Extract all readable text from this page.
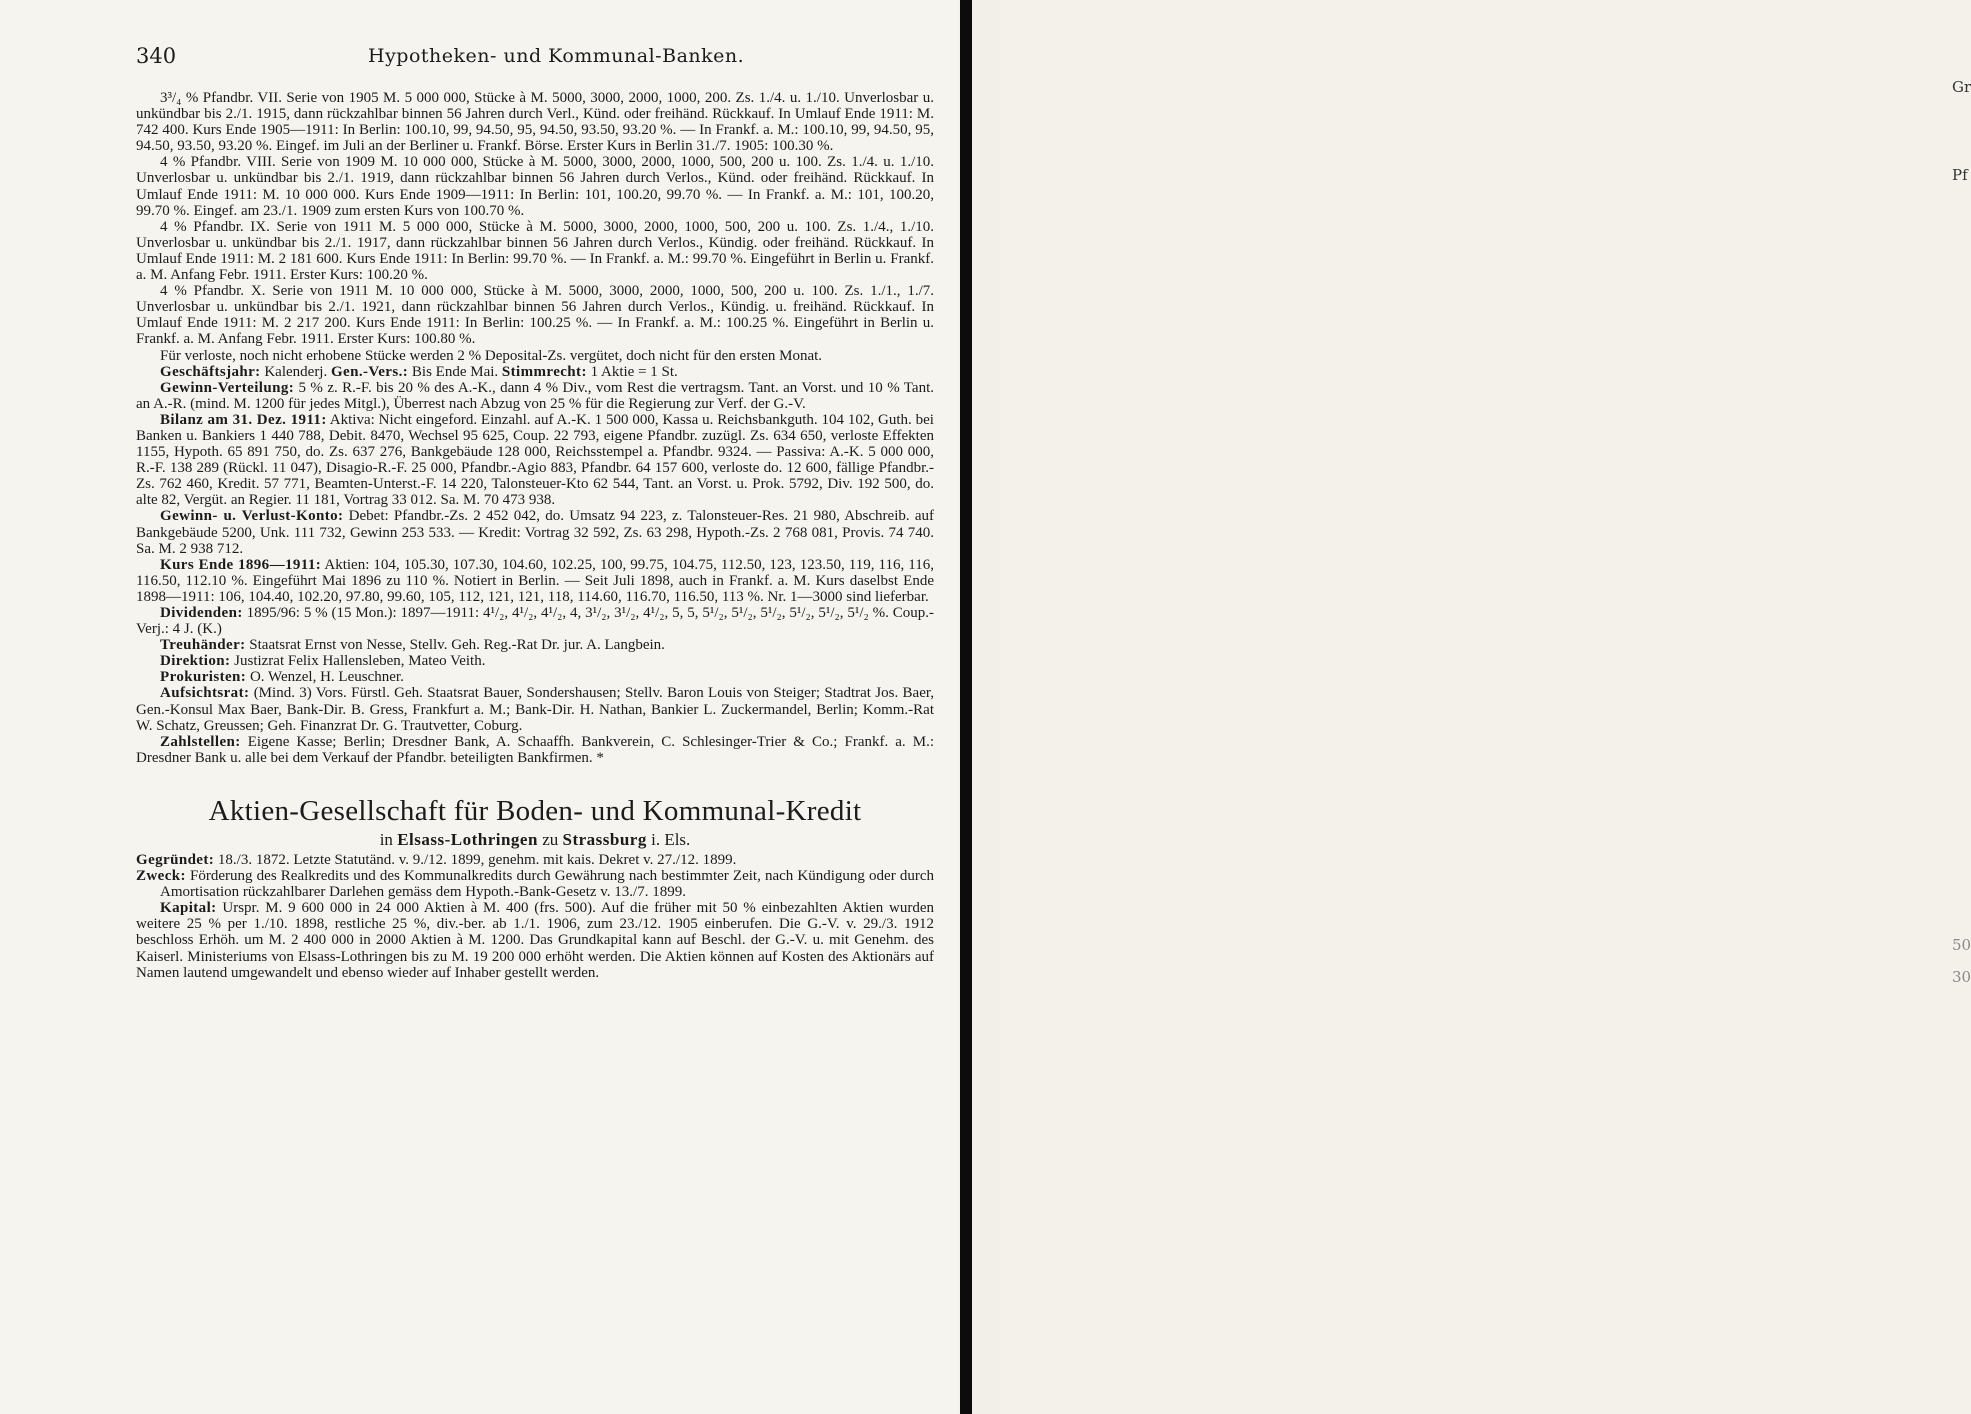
340	Hypotheken- und Kommunal-Banken.

3³/₄ % Pfandbr. VII. Serie von 1905 M. 5 000 000, Stücke à M. 5000, 3000, 2000, 1000, 200. Zs. 1./4. u. 1./10. Unverlosbar u. unkündbar bis 2./1. 1915, dann rückzahlbar binnen 56 Jahren durch Verl., Künd. oder freihänd. Rückkauf. In Umlauf Ende 1911: M. 742 400. Kurs Ende 1905—1911: In Berlin: 100.10, 99, 94.50, 95, 94.50, 93.50, 93.20 %. — In Frankf. a. M.: 100.10, 99, 94.50, 95, 94.50, 93.50, 93.20 %. Eingef. im Juli an der Berliner u. Frankf. Börse. Erster Kurs in Berlin 31./7. 1905: 100.30 %.

4 % Pfandbr. VIII. Serie von 1909 M. 10 000 000, Stücke à M. 5000, 3000, 2000, 1000, 500, 200 u. 100. Zs. 1./4. u. 1./10. Unverlosbar u. unkündbar bis 2./1. 1919, dann rückzahlbar binnen 56 Jahren durch Verlos., Künd. oder freihänd. Rückkauf. In Umlauf Ende 1911: M. 10 000 000. Kurs Ende 1909—1911: In Berlin: 101, 100.20, 99.70 %. — In Frankf. a. M.: 101, 100.20, 99.70 %. Eingef. am 23./1. 1909 zum ersten Kurs von 100.70 %.

4 % Pfandbr. IX. Serie von 1911 M. 5 000 000, Stücke à M. 5000, 3000, 2000, 1000, 500, 200 u. 100. Zs. 1./4., 1./10. Unverlosbar u. unkündbar bis 2./1. 1917, dann rückzahlbar binnen 56 Jahren durch Verlos., Kündig. oder freihänd. Rückkauf. In Umlauf Ende 1911: M. 2 181 600. Kurs Ende 1911: In Berlin: 99.70 %. — In Frankf. a. M.: 99.70 %. Eingeführt in Berlin u. Frankf. a. M. Anfang Febr. 1911. Erster Kurs: 100.20 %.

4 % Pfandbr. X. Serie von 1911 M. 10 000 000, Stücke à M. 5000, 3000, 2000, 1000, 500, 200 u. 100. Zs. 1./1., 1./7. Unverlosbar u. unkündbar bis 2./1. 1921, dann rückzahlbar binnen 56 Jahren durch Verlos., Kündig. u. freihänd. Rückkauf. In Umlauf Ende 1911: M. 2 217 200. Kurs Ende 1911: In Berlin: 100.25 %. — In Frankf. a. M.: 100.25 %. Eingeführt in Berlin u. Frankf. a. M. Anfang Febr. 1911. Erster Kurs: 100.80 %.

Für verloste, noch nicht erhobene Stücke werden 2 % Deposital-Zs. vergütet, doch nicht für den ersten Monat.

Geschäftsjahr: Kalenderj. Gen.-Vers.: Bis Ende Mai. Stimmrecht: 1 Aktie = 1 St.

Gewinn-Verteilung: 5 % z. R.-F. bis 20 % des A.-K., dann 4 % Div., vom Rest die vertragsm. Tant. an Vorst. und 10 % Tant. an A.-R. (mind. M. 1200 für jedes Mitgl.), Überrest nach Abzug von 25 % für die Regierung zur Verf. der G.-V.

Bilanz am 31. Dez. 1911: Aktiva: Nicht eingeford. Einzahl. auf A.-K. 1 500 000, Kassa u. Reichsbankguth. 104 102, Guth. bei Banken u. Bankiers 1 440 788, Debit. 8470, Wechsel 95 625, Coup. 22 793, eigene Pfandbr. zuzügl. Zs. 634 650, verloste Effekten 1155, Hypoth. 65 891 750, do. Zs. 637 276, Bankgebäude 128 000, Reichsstempel a. Pfandbr. 9324. — Passiva: A.-K. 5 000 000, R.-F. 138 289 (Rückl. 11 047), Disagio-R.-F. 25 000, Pfandbr.-Agio 883, Pfandbr. 64 157 600, verloste do. 12 600, fällige Pfandbr.-Zs. 762 460, Kredit. 57 771, Beamten-Unterst.-F. 14 220, Talonsteuer-Kto 62 544, Tant. an Vorst. u. Prok. 5792, Div. 192 500, do. alte 82, Vergüt. an Regier. 11 181, Vortrag 33 012. Sa. M. 70 473 938.

Gewinn- u. Verlust-Konto: Debet: Pfandbr.-Zs. 2 452 042, do. Umsatz 94 223, z. Talonsteuer-Res. 21 980, Abschreib. auf Bankgebäude 5200, Unk. 111 732, Gewinn 253 533. — Kredit: Vortrag 32 592, Zs. 63 298, Hypoth.-Zs. 2 768 081, Provis. 74 740. Sa. M. 2 938 712.

Kurs Ende 1896—1911: Aktien: 104, 105.30, 107.30, 104.60, 102.25, 100, 99.75, 104.75, 112.50, 123, 123.50, 119, 116, 116, 116.50, 112.10 %. Eingeführt Mai 1896 zu 110 %. Notiert in Berlin. — Seit Juli 1898, auch in Frankf. a. M. Kurs daselbst Ende 1898—1911: 106, 104.40, 102.20, 97.80, 99.60, 105, 112, 121, 121, 118, 114.60, 116.70, 116.50, 113 %. Nr. 1—3000 sind lieferbar.

Dividenden: 1895/96: 5 % (15 Mon.): 1897—1911: 4¹/₂, 4¹/₂, 4¹/₂, 4, 3¹/₂, 3¹/₂, 4¹/₂, 5, 5, 5¹/₂, 5¹/₂, 5¹/₂, 5¹/₂, 5¹/₂, 5¹/₂ %. Coup.-Verj.: 4 J. (K.)

Treuhänder: Staatsrat Ernst von Nesse, Stellv. Geh. Reg.-Rat Dr. jur. A. Langbein.

Direktion: Justizrat Felix Hallensleben, Mateo Veith.

Prokuristen: O. Wenzel, H. Leuschner.

Aufsichtsrat: (Mind. 3) Vors. Fürstl. Geh. Staatsrat Bauer, Sondershausen; Stellv. Baron Louis von Steiger; Stadtrat Jos. Baer, Gen.-Konsul Max Baer, Bank-Dir. B. Gress, Frankfurt a. M.; Bank-Dir. H. Nathan, Bankier L. Zuckermandel, Berlin; Komm.-Rat W. Schatz, Greussen; Geh. Finanzrat Dr. G. Trautvetter, Coburg.

Zahlstellen: Eigene Kasse; Berlin; Dresdner Bank, A. Schaaffh. Bankverein, C. Schlesinger-Trier & Co.; Frankf. a. M.: Dresdner Bank u. alle bei dem Verkauf der Pfandbr. beteiligten Bankfirmen. *

Aktien-Gesellschaft für Boden- und Kommunal-Kredit
in Elsass-Lothringen zu Strassburg i. Els.

Gegründet: 18./3. 1872. Letzte Statutänd. v. 9./12. 1899, genehm. mit kais. Dekret v. 27./12. 1899.

Zweck: Förderung des Realkredits und des Kommunalkredits durch Gewährung nach bestimmter Zeit, nach Kündigung oder durch Amortisation rückzahlbarer Darlehen gemäss dem Hypoth.-Bank-Gesetz v. 13./7. 1899.

Kapital: Urspr. M. 9 600 000 in 24 000 Aktien à M. 400 (frs. 500). Auf die früher mit 50 % einbezahlten Aktien wurden weitere 25 % per 1./10. 1898, restliche 25 %, div.-ber. ab 1./1. 1906, zum 23./12. 1905 einberufen. Die G.-V. v. 29./3. 1912 beschloss Erhöh. um M. 2 400 000 in 2000 Aktien à M. 1200. Das Grundkapital kann auf Beschl. der G.-V. u. mit Genehm. des Kaiserl. Ministeriums von Elsass-Lothringen bis zu M. 19 200 000 erhöht werden. Die Aktien können auf Kosten des Aktionärs auf Namen lautend umgewandelt und ebenso wieder auf Inhaber gestellt werden.

Gr
Pf
50
30
